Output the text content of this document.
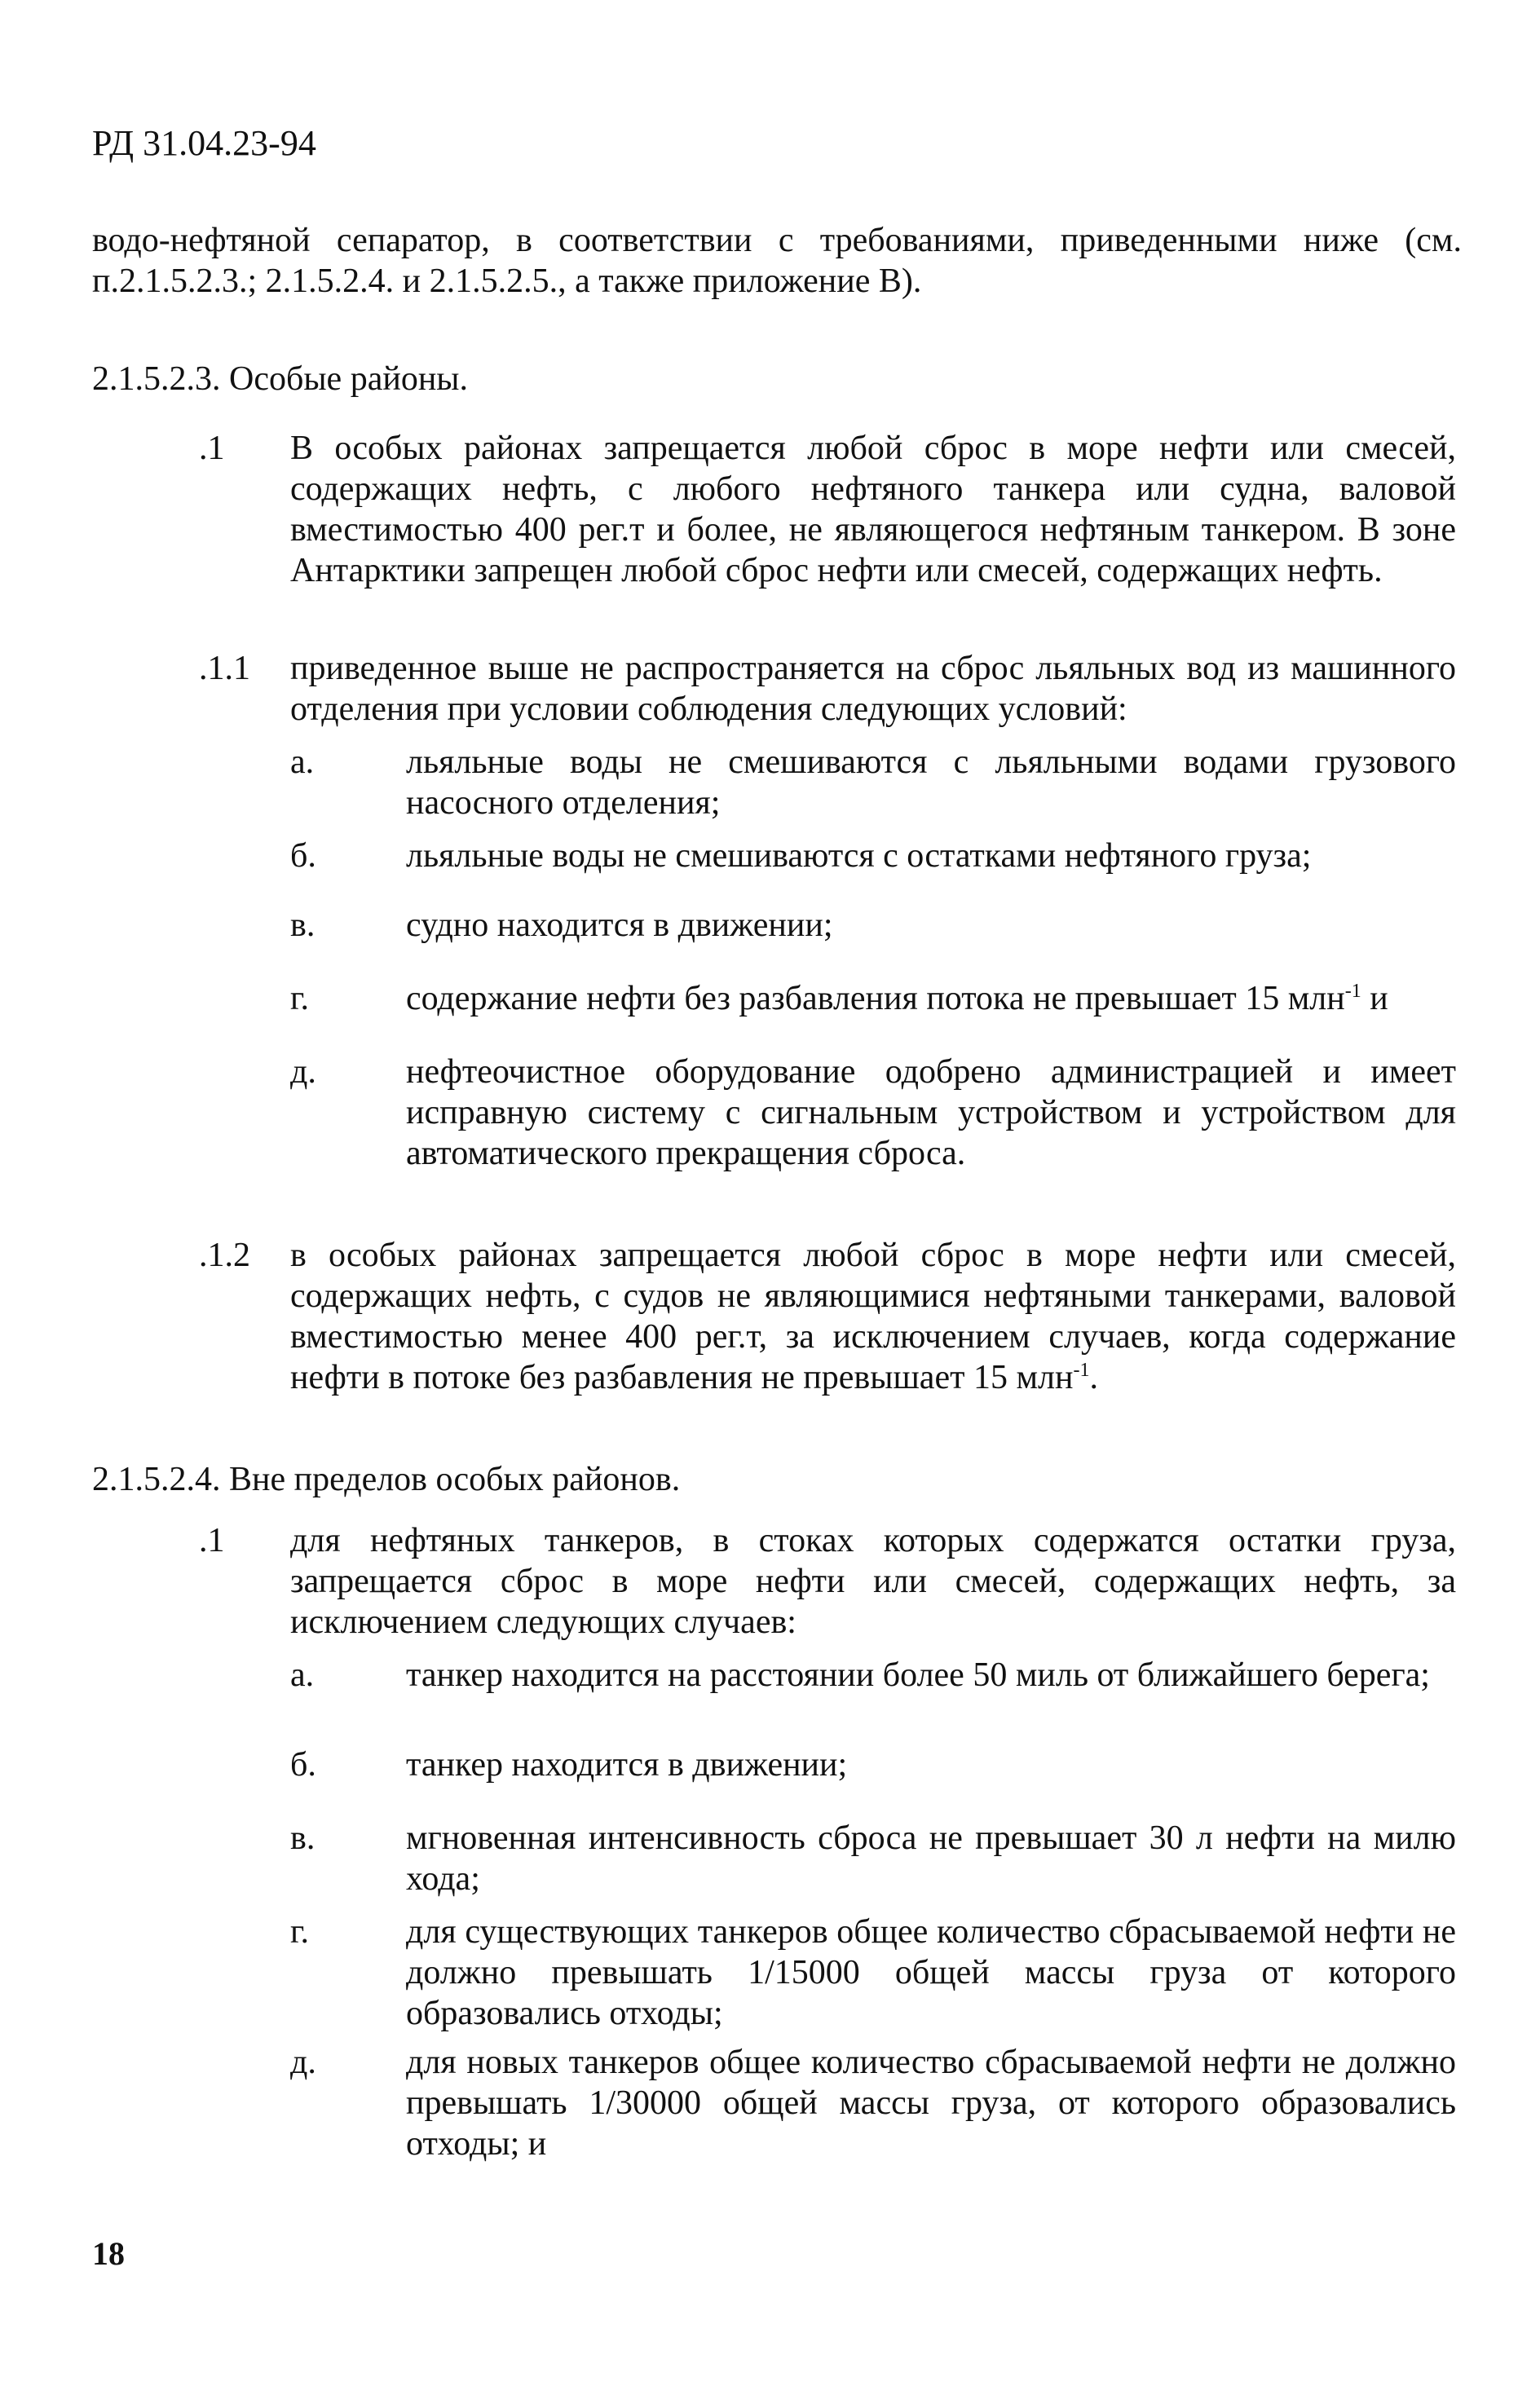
РД 31.04.23-94
водо-нефтяной сепаратор, в соответствии с требованиями, приведенными ниже (см. п.2.1.5.2.3.; 2.1.5.2.4. и 2.1.5.2.5., а также приложение В).
2.1.5.2.3. Особые районы.
.1 В особых районах запрещается любой сброс в море нефти или смесей, содержащих нефть, с любого нефтяного танкера или судна, валовой вместимостью 400 рег.т и более, не являющегося нефтяным танкером. В зоне Антарктики запрещен любой сброс нефти или смесей, содержащих нефть.
.1.1 приведенное выше не распространяется на сброс льяльных вод из машинного отделения при условии соблюдения следующих условий:
а.	льяльные воды не смешиваются с льяльными водами грузового насосного отделения;
б.	льяльные воды не смешиваются с остатками нефтяного груза;
в.	судно находится в движении;
г.	содержание нефти без разбавления потока не превышает 15 млн$^{-1}$ и
д.	нефтеочистное оборудование одобрено администрацией и имеет исправную систему с сигнальным устройством и устройством для автоматического прекращения сброса.
.1.2 в особых районах запрещается любой сброс в море нефти или смесей, содержащих нефть, с судов не являющимися нефтяными танкерами, валовой вместимостью менее 400 рег.т, за исключением случаев, когда содержание нефти в потоке без разбавления не превышает 15 млн$^{-1}$.
2.1.5.2.4. Вне пределов особых районов.
.1 для нефтяных танкеров, в стоках которых содержатся остатки груза, запрещается сброс в море нефти или смесей, содержащих нефть, за исключением следующих случаев:
а.	танкер находится на расстоянии более 50 миль от ближайшего берега;
б.	танкер находится в движении;
в.	мгновенная интенсивность сброса не превышает 30 л нефти на милю хода;
г.	для существующих танкеров общее количество сбрасываемой нефти не должно превышать 1/15000 общей массы груза от которого образовались отходы;
д.	для новых танкеров общее количество сбрасываемой нефти не должно превышать 1/30000 общей массы груза, от которого образовались отходы; и
18
